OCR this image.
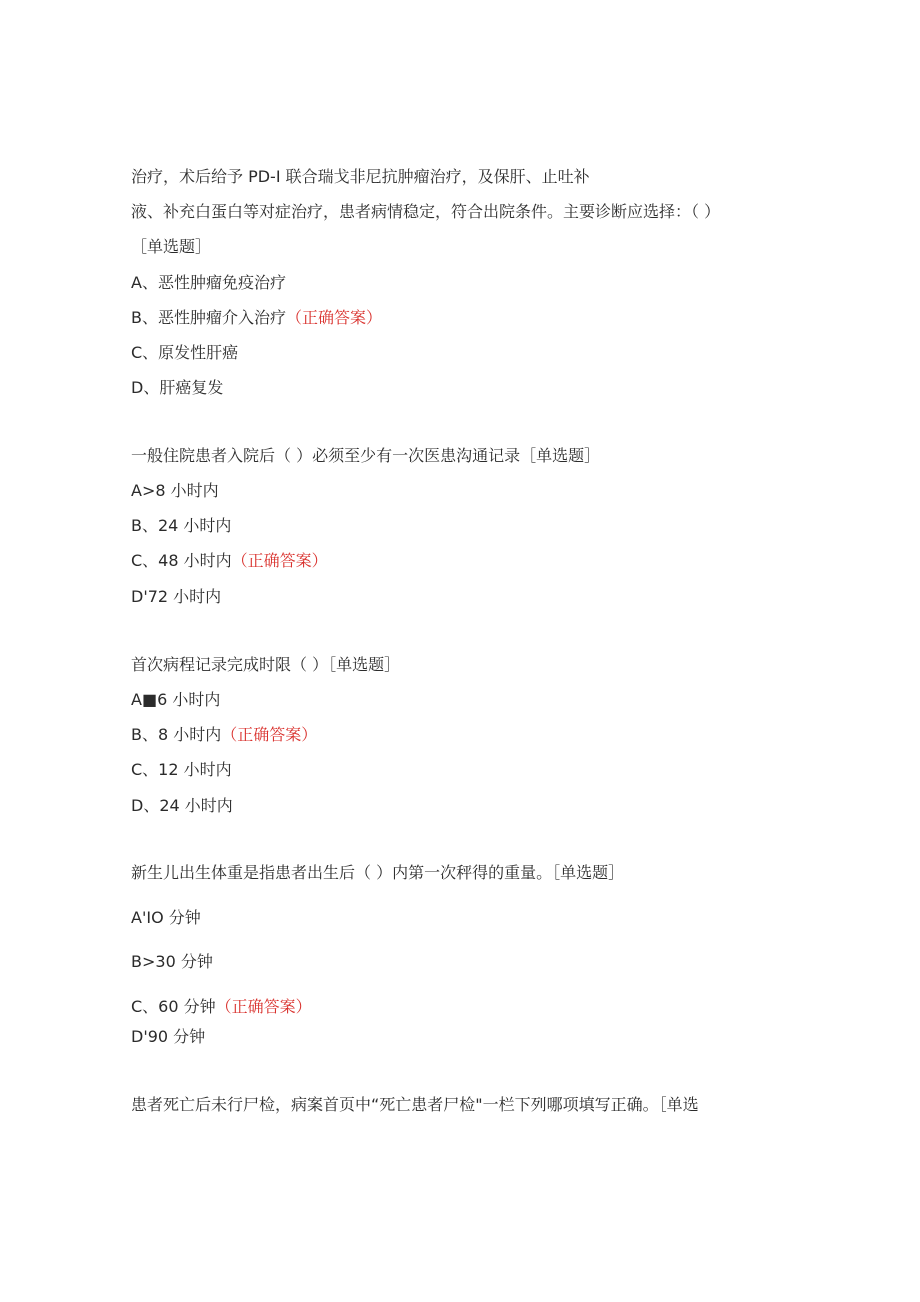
治疗，术后给予 PD-I 联合瑞戈非尼抗肿瘤治疗，及保肝、止吐补
液、补充白蛋白等对症治疗，患者病情稳定，符合出院条件。主要诊断应选择：（ ）
［单选题］
A、恶性肿瘤免疫治疗
B、恶性肿瘤介入治疗（正确答案）
C、原发性肝癌
D、肝癌复发
一般住院患者入院后（ ）必须至少有一次医患沟通记录［单选题］
A>8 小时内
B、24 小时内
C、48 小时内（正确答案）
D'72 小时内
首次病程记录完成时限（ ）［单选题］
A■6 小时内
B、8 小时内（正确答案）
C、12 小时内
D、24 小时内
新生儿出生体重是指患者出生后（ ）内第一次秤得的重量。［单选题］
A'IO 分钟
B>30 分钟
C、60 分钟（正确答案）
D'90 分钟
患者死亡后未行尸检，病案首页中“死亡患者尸检"一栏下列哪项填写正确。［单选
